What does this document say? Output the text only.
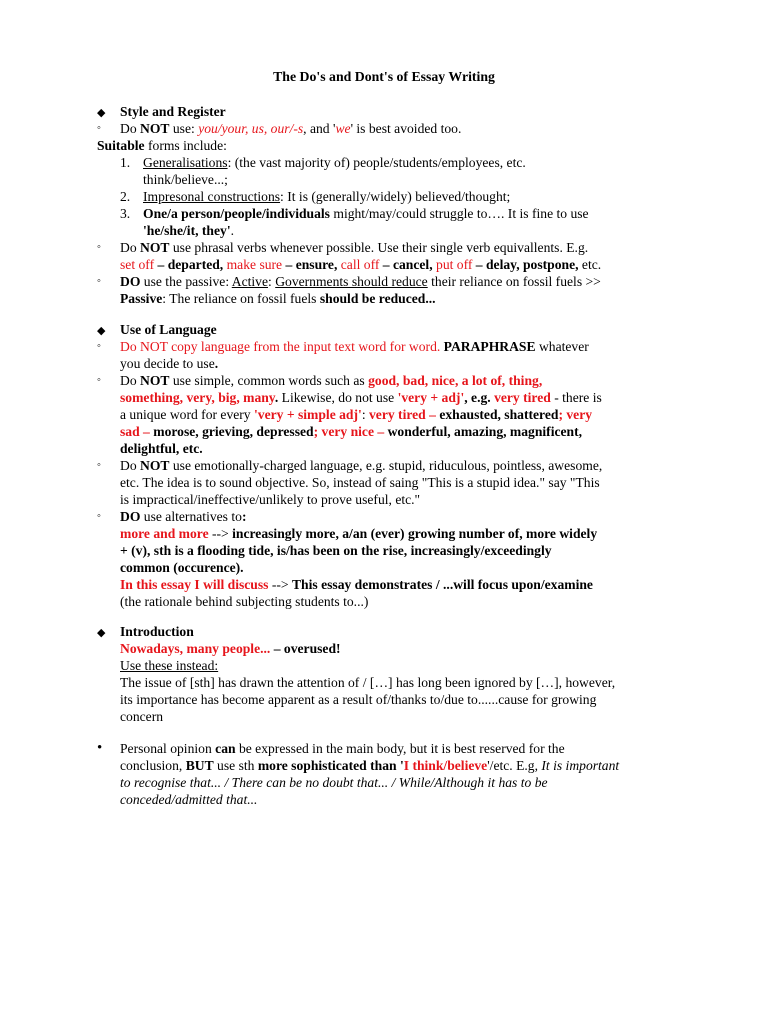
The Do's and Dont's of Essay Writing
◆ Style and Register
◦ Do NOT use: you/your, us, our/-s, and 'we' is best avoided too.
Suitable forms include:
1. Generalisations: (the vast majority of) people/students/employees, etc.
think/believe...;
2. Impresonal constructions: It is (generally/widely) believed/thought;
3. One/a person/people/individuals might/may/could struggle to…. It is fine to use
'he/she/it, they'.
◦ Do NOT use phrasal verbs whenever possible. Use their single verb equivallents. E.g.
set off – departed, make sure – ensure, call off – cancel, put off – delay, postpone, etc.
◦ DO use the passive: Active: Governments should reduce their reliance on fossil fuels >>
Passive: The reliance on fossil fuels should be reduced...
◆ Use of Language
◦ Do NOT copy language from the input text word for word. PARAPHRASE whatever
you decide to use.
◦ Do NOT use simple, common words such as good, bad, nice, a lot of, thing,
something, very, big, many. Likewise, do not use 'very + adj', e.g. very tired - there is
a unique word for every 'very + simple adj': very tired – exhausted, shattered; very
sad – morose, grieving, depressed; very nice – wonderful, amazing, magnificent,
delightful, etc.
◦ Do NOT use emotionally-charged language, e.g. stupid, riduculous, pointless, awesome,
etc. The idea is to sound objective. So, instead of saing "This is a stupid idea." say "This
is impractical/ineffective/unlikely to prove useful, etc."
◦ DO use alternatives to:
more and more --> increasingly more, a/an (ever) growing number of, more widely
+ (v), sth is a flooding tide, is/has been on the rise, increasingly/exceedingly
common (occurence).
In this essay I will discuss --> This essay demonstrates / ...will focus upon/examine
(the rationale behind subjecting students to...)
◆ Introduction
Nowadays, many people... – overused!
Use these instead:
The issue of [sth] has drawn the attention of / […] has long been ignored by […], however,
its importance has become apparent as a result of/thanks to/due to......cause for growing
concern
• Personal opinion can be expressed in the main body, but it is best reserved for the
conclusion, BUT use sth more sophisticated than 'I think/believe'/etc. E.g, It is important
to recognise that... / There can be no doubt that... / While/Although it has to be
conceded/admitted that...
